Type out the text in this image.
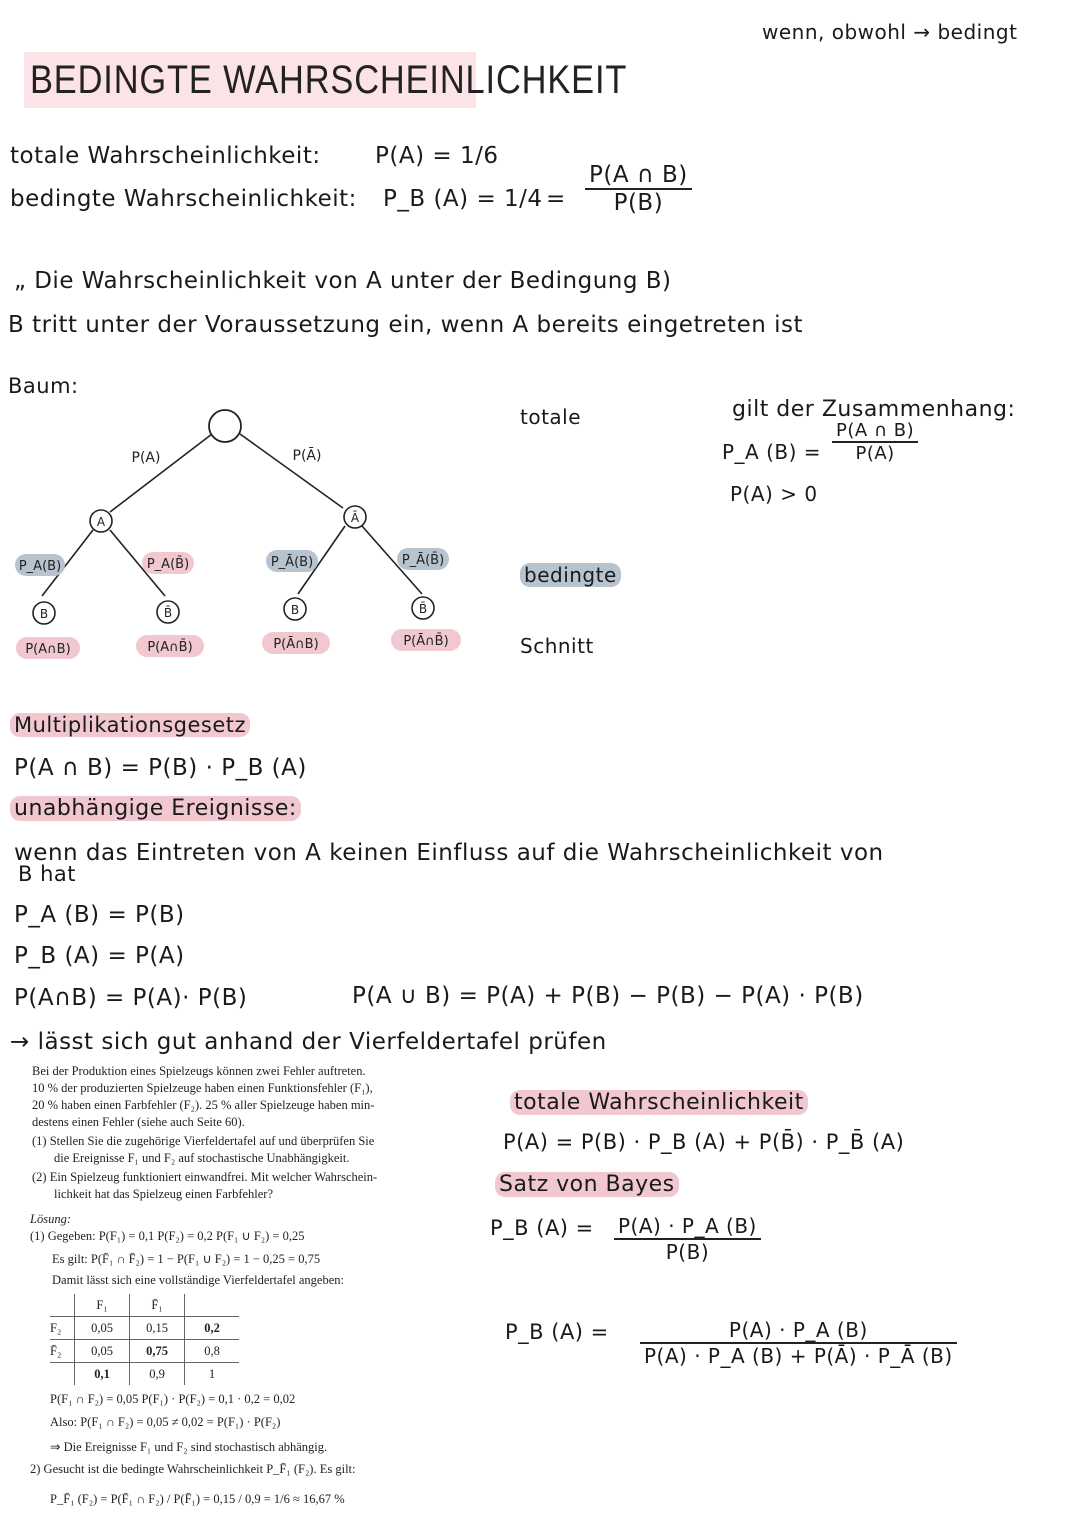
wenn, obwohl → bedingt
BEDINGTE WAHRSCHEINLICHKEIT
totale Wahrscheinlichkeit: P(A) = 1/6
bedingte Wahrscheinlichkeit: P_B $(A) = 1/4 = \frac{P(A \cap B)}{P(B)}$
„ Die Wahrscheinlichkeit von A unter der Bedingung B)
B tritt unter der Voraussetzung ein, wenn A bereits eingetreten ist
Baum:
P(A)	P(Ā)
A	Ā
P_A(B)	P_A(B̄)	P_Ā(B)	P_Ā(B̄)
B	B̄	B	B̄
P(A∩B)	P(A∩B̄)	P(Ā∩B)	P(Ā∩B̄)
totale
bedingte
Schnitt
gilt der Zusammenhang:
P_A $(B) = \frac{P(A \cap B)}{P(A)}$
P(A) > 0
Multiplikationsgesetz
P(A ∩ B) = P(B) · P_B (A)
unabhängige Ereignisse:
wenn das Eintreten von A keinen Einfluss auf die Wahrscheinlichkeit von
B hat
P_A (B) = P(B)
P_B (A) = P(A)
P(A∩B) = P(A)· P(B)	P(A ∪ B) = P(A) + P(B) − P(B) − P(A) · P(B)
→ lässt sich gut anhand der Vierfeldertafel prüfen
Bei der Produktion eines Spielzeugs können zwei Fehler auftreten.
10 % der produzierten Spielzeuge haben einen Funktionsfehler (F₁),
20 % haben einen Farbfehler (F₂). 25 % aller Spielzeuge haben min-
destens einen Fehler (siehe auch Seite 60).
(1) Stellen Sie die zugehörige Vierfeldertafel auf und überprüfen Sie
die Ereignisse F₁ und F₂ auf stochastische Unabhängigkeit.
(2) Ein Spielzeug funktioniert einwandfrei. Mit welcher Wahrschein-
lichkeit hat das Spielzeug einen Farbfehler?
Lösung:
(1) Gegeben: P(F₁) = 0,1 P(F₂) = 0,2 P(F₁ ∪ F₂) = 0,25
Es gilt: P(F̄₁ ∩ F̄₂) = 1 − P(F₁ ∪ F₂) = 1 − 0,25 = 0,75
Damit lässt sich eine vollständige Vierfeldertafel angeben:
	F₁	F̄₁	
F₂	0,05	0,15	0,2
F̄₂	0,05	0,75	0,8
	0,1	0,9	1
P(F₁ ∩ F₂) = 0,05 P(F₁) · P(F₂) = 0,1 · 0,2 = 0,02
Also: P(F₁ ∩ F₂) = 0,05 ≠ 0,02 = P(F₁) · P(F₂)
⇒ Die Ereignisse F₁ und F₂ sind stochastisch abhängig.
2) Gesucht ist die bedingte Wahrscheinlichkeit P_F̄₁ (F₂). Es gilt:
P_F̄₁ (F₂) = P(F̄₁ ∩ F₂) / P(F̄₁) = 0,15 / 0,9 = 1/6 ≈ 16,67 %
totale Wahrscheinlichkeit
P(A) = P(B) · P_B (A) + P(B̄) · P_B̄ (A)
Satz von Bayes
P_B $(A) = \frac{P(A) \cdot P\_A (B)}{P(B)}$
P_B $(A) = \frac{P(A) \cdot P\_A (B)}{P(A) \cdot P\_A (B) + P(Ā) \cdot P\_Ā (B)}$
